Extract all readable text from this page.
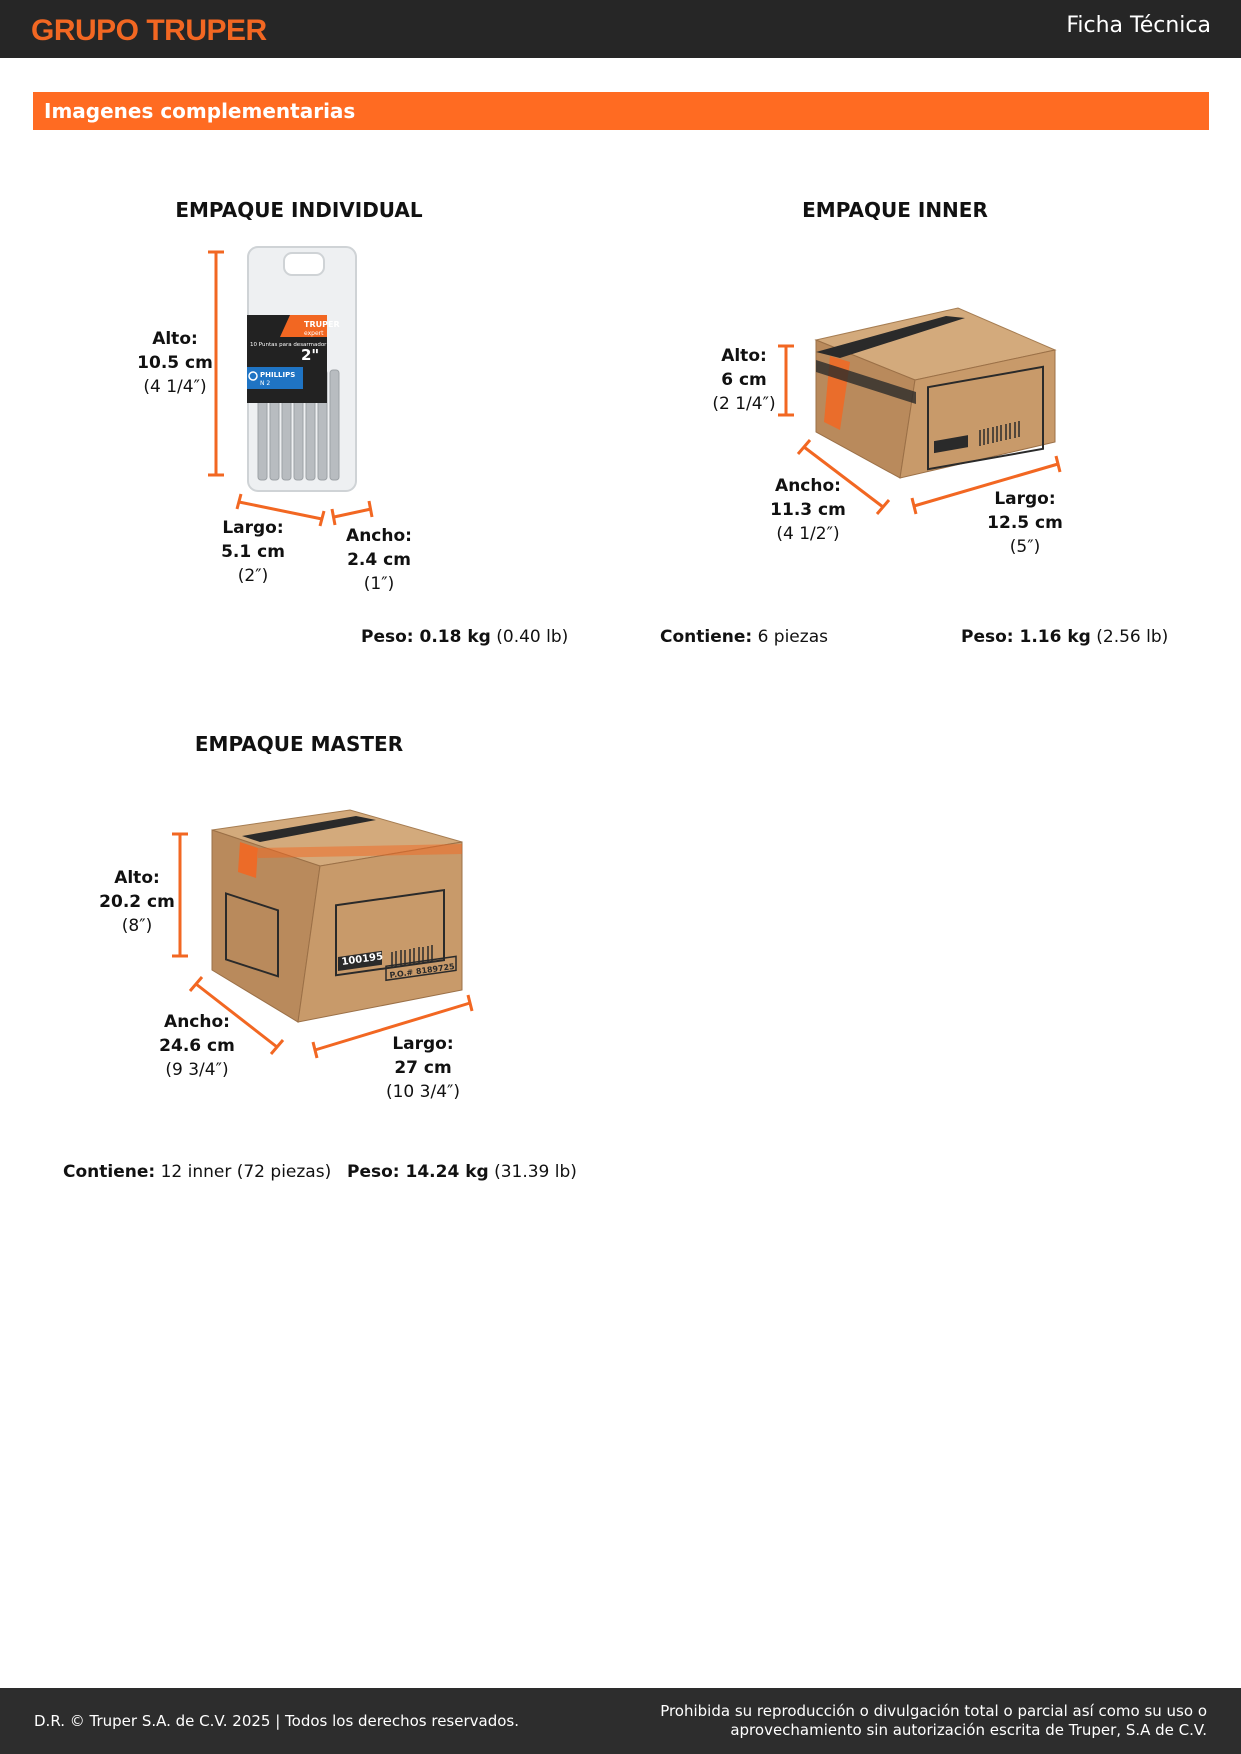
GRUPO TRUPER	Ficha Técnica
Imagenes complementarias
EMPAQUE INDIVIDUAL
TRUPER
expert
10 Puntas para desarmador
2"
PHILLIPS
N 2
Alto:
10.5 cm
(4 1/4″)
Largo:
5.1 cm
(2″)
Ancho:
2.4 cm
(1″)
Peso: 0.18 kg (0.40 lb)
EMPAQUE INNER
100195
Alto:
6 cm
(2 1/4″)
Ancho:
11.3 cm
(4 1/2″)
Largo:
12.5 cm
(5″)
Contiene: 6 piezas	Peso: 1.16 kg (2.56 lb)
EMPAQUE MASTER
100195
P.O.# 8189725
Alto:
20.2 cm
(8″)
Ancho:
24.6 cm
(9 3/4″)
Largo:
27 cm
(10 3/4″)
Contiene: 12 inner (72 piezas) Peso: 14.24 kg (31.39 lb)
D.R. © Truper S.A. de C.V. 2025 | Todos los derechos reservados.
Prohibida su reproducción o divulgación total o parcial así como su uso o
aprovechamiento sin autorización escrita de Truper, S.A de C.V.
